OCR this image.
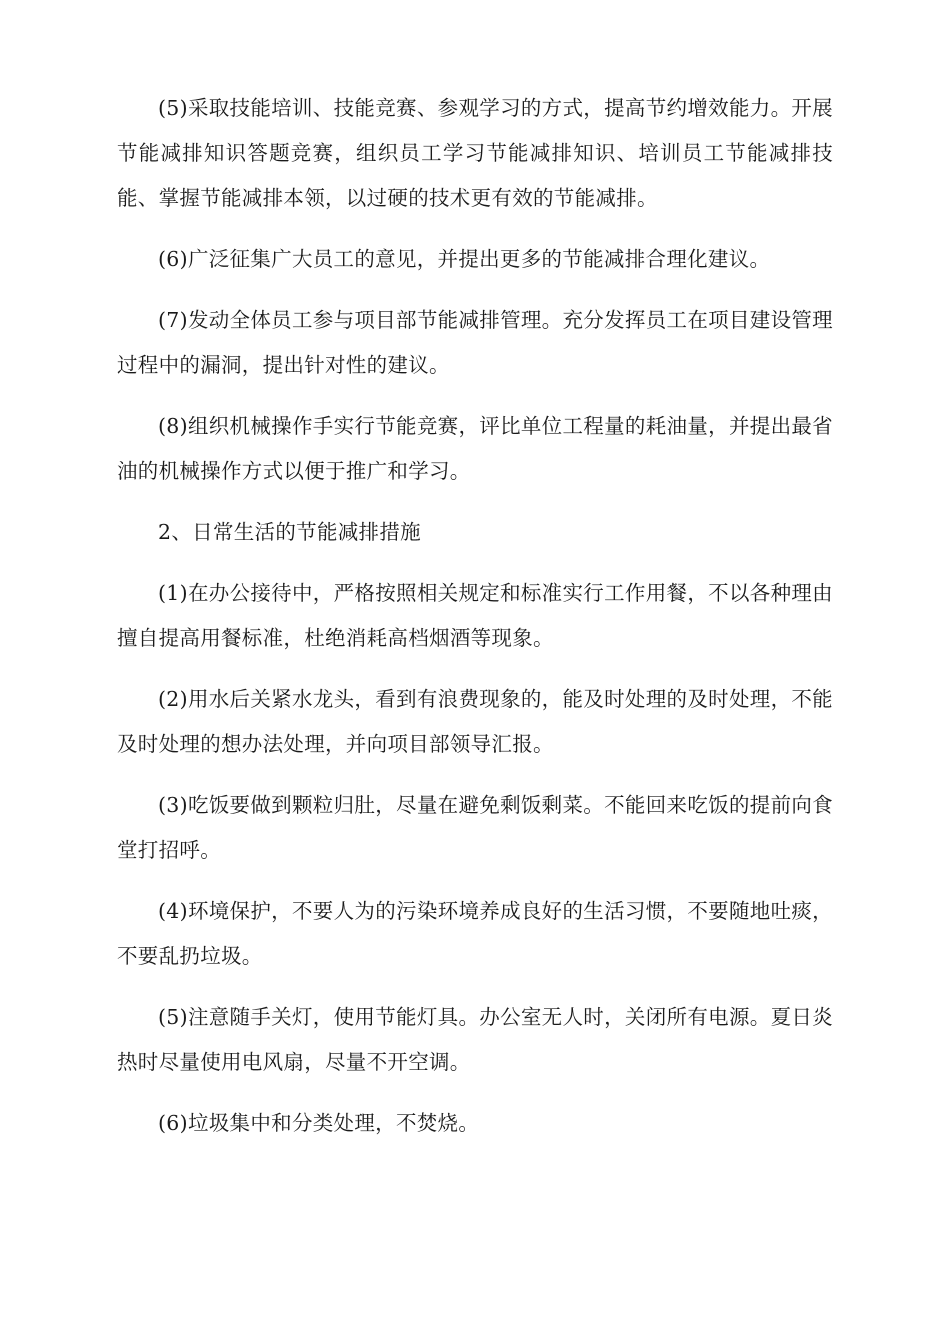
(5)采取技能培训、技能竞赛、参观学习的方式，提高节约增效能力。开展节能减排知识答题竞赛，组织员工学习节能减排知识、培训员工节能减排技能、掌握节能减排本领，以过硬的技术更有效的节能减排。

(6)广泛征集广大员工的意见，并提出更多的节能减排合理化建议。

(7)发动全体员工参与项目部节能减排管理。充分发挥员工在项目建设管理过程中的漏洞，提出针对性的建议。

(8)组织机械操作手实行节能竞赛，评比单位工程量的耗油量，并提出最省油的机械操作方式以便于推广和学习。

2、日常生活的节能减排措施

(1)在办公接待中，严格按照相关规定和标准实行工作用餐，不以各种理由擅自提高用餐标准，杜绝消耗高档烟酒等现象。

(2)用水后关紧水龙头，看到有浪费现象的，能及时处理的及时处理，不能及时处理的想办法处理，并向项目部领导汇报。

(3)吃饭要做到颗粒归肚，尽量在避免剩饭剩菜。不能回来吃饭的提前向食堂打招呼。

(4)环境保护，不要人为的污染环境养成良好的生活习惯，不要随地吐痰，不要乱扔垃圾。

(5)注意随手关灯，使用节能灯具。办公室无人时，关闭所有电源。夏日炎热时尽量使用电风扇，尽量不开空调。

(6)垃圾集中和分类处理，不焚烧。
